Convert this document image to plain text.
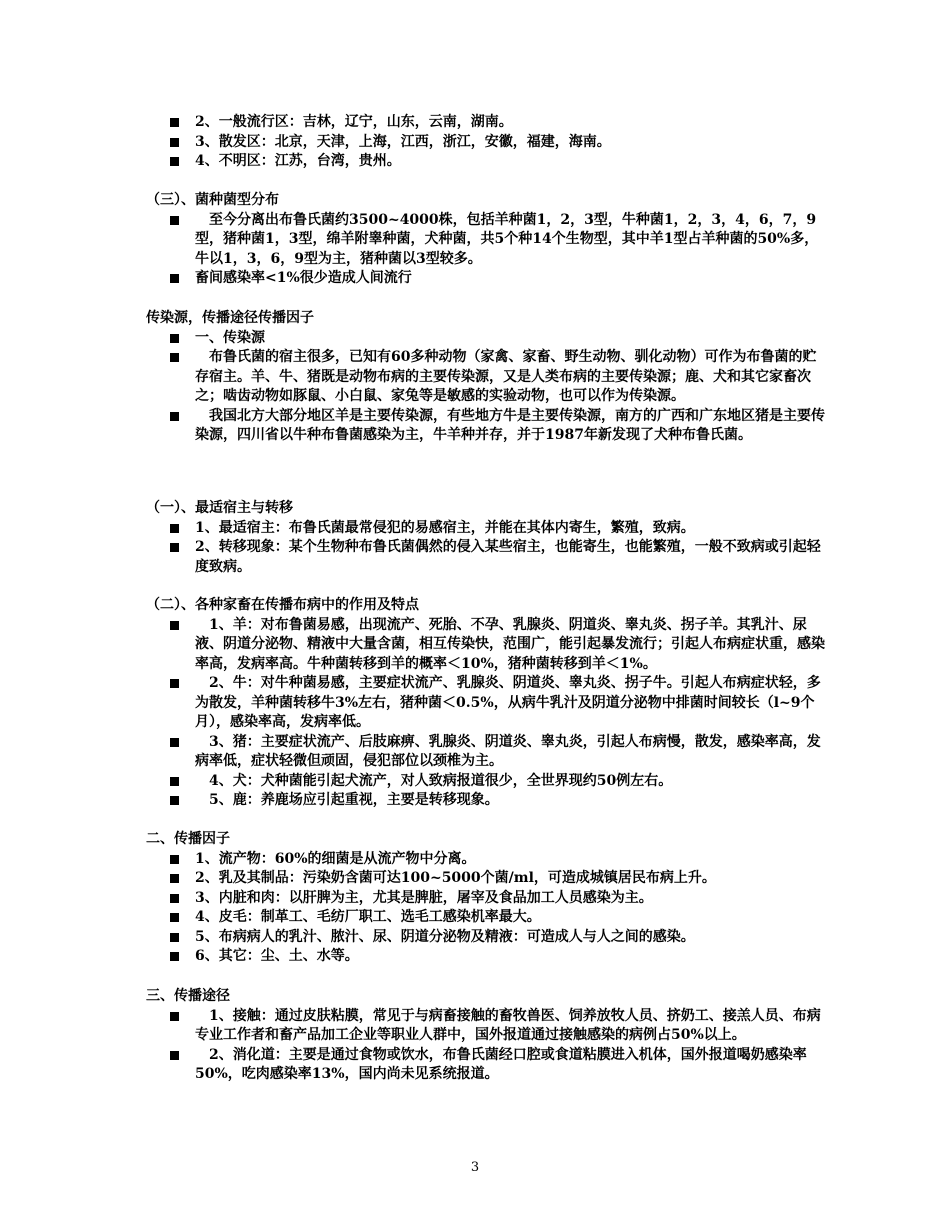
2、一般流行区：吉林，辽宁，山东，云南，湖南。
3、散发区：北京，天津，上海，江西，浙江，安徽，福建，海南。
4、不明区：江苏，台湾，贵州。

（三）、菌种菌型分布

至今分离出布鲁氏菌约3500~4000株，包括羊种菌1，2，3型，牛种菌1，2，3，4，6，7，9型，猪种菌1，3型，绵羊附睾种菌，犬种菌，共5个种14个生物型，其中羊1型占羊种菌的50%多，牛以1，3，6，9型为主，猪种菌以3型较多。
畜间感染率<1%很少造成人间流行

传染源，传播途径传播因子

一、传染源
布鲁氏菌的宿主很多，已知有60多种动物（家禽、家畜、野生动物、驯化动物）可作为布鲁菌的贮存宿主。羊、牛、猪既是动物布病的主要传染源，又是人类布病的主要传染源；鹿、犬和其它家畜次之；啮齿动物如豚鼠、小白鼠、家兔等是敏感的实验动物，也可以作为传染源。
我国北方大部分地区羊是主要传染源，有些地方牛是主要传染源，南方的广西和广东地区猪是主要传染源，四川省以牛种布鲁菌感染为主，牛羊种并存，并于1987年新发现了犬种布鲁氏菌。

（一）、最适宿主与转移

1、最适宿主：布鲁氏菌最常侵犯的易感宿主，并能在其体内寄生，繁殖，致病。
2、转移现象：某个生物种布鲁氏菌偶然的侵入某些宿主，也能寄生，也能繁殖，一般不致病或引起轻度致病。

（二）、各种家畜在传播布病中的作用及特点

1、羊：对布鲁菌易感，出现流产、死胎、不孕、乳腺炎、阴道炎、睾丸炎、拐子羊。其乳汁、尿液、阴道分泌物、精液中大量含菌，相互传染快，范围广，能引起暴发流行；引起人布病症状重，感染率高，发病率高。牛种菌转移到羊的概率＜10%，猪种菌转移到羊＜1%。
2、牛：对牛种菌易感，主要症状流产、乳腺炎、阴道炎、睾丸炎、拐子牛。引起人布病症状轻，多为散发，羊种菌转移牛3%左右，猪种菌＜0.5%，从病牛乳汁及阴道分泌物中排菌时间较长（l~9个月），感染率高，发病率低。
3、猪：主要症状流产、后肢麻痹、乳腺炎、阴道炎、睾丸炎，引起人布病慢，散发，感染率高，发病率低，症状轻微但顽固，侵犯部位以颈椎为主。
4、犬：犬种菌能引起犬流产，对人致病报道很少，全世界现约50例左右。
5、鹿：养鹿场应引起重视，主要是转移现象。

二、传播因子

1、流产物：60%的细菌是从流产物中分离。
2、乳及其制品：污染奶含菌可达100~5000个菌/ml，可造成城镇居民布病上升。
3、内脏和肉：以肝脾为主，尤其是脾脏，屠宰及食品加工人员感染为主。
4、皮毛：制革工、毛纺厂职工、选毛工感染机率最大。
5、布病病人的乳汁、脓汁、尿、阴道分泌物及精液：可造成人与人之间的感染。
6、其它：尘、土、水等。

三、传播途径

1、接触：通过皮肤粘膜，常见于与病畜接触的畜牧兽医、饲养放牧人员、挤奶工、接羔人员、布病专业工作者和畜产品加工企业等职业人群中，国外报道通过接触感染的病例占50%以上。
2、消化道：主要是通过食物或饮水，布鲁氏菌经口腔或食道粘膜进入机体，国外报道喝奶感染率50%，吃肉感染率13%，国内尚未见系统报道。
3
